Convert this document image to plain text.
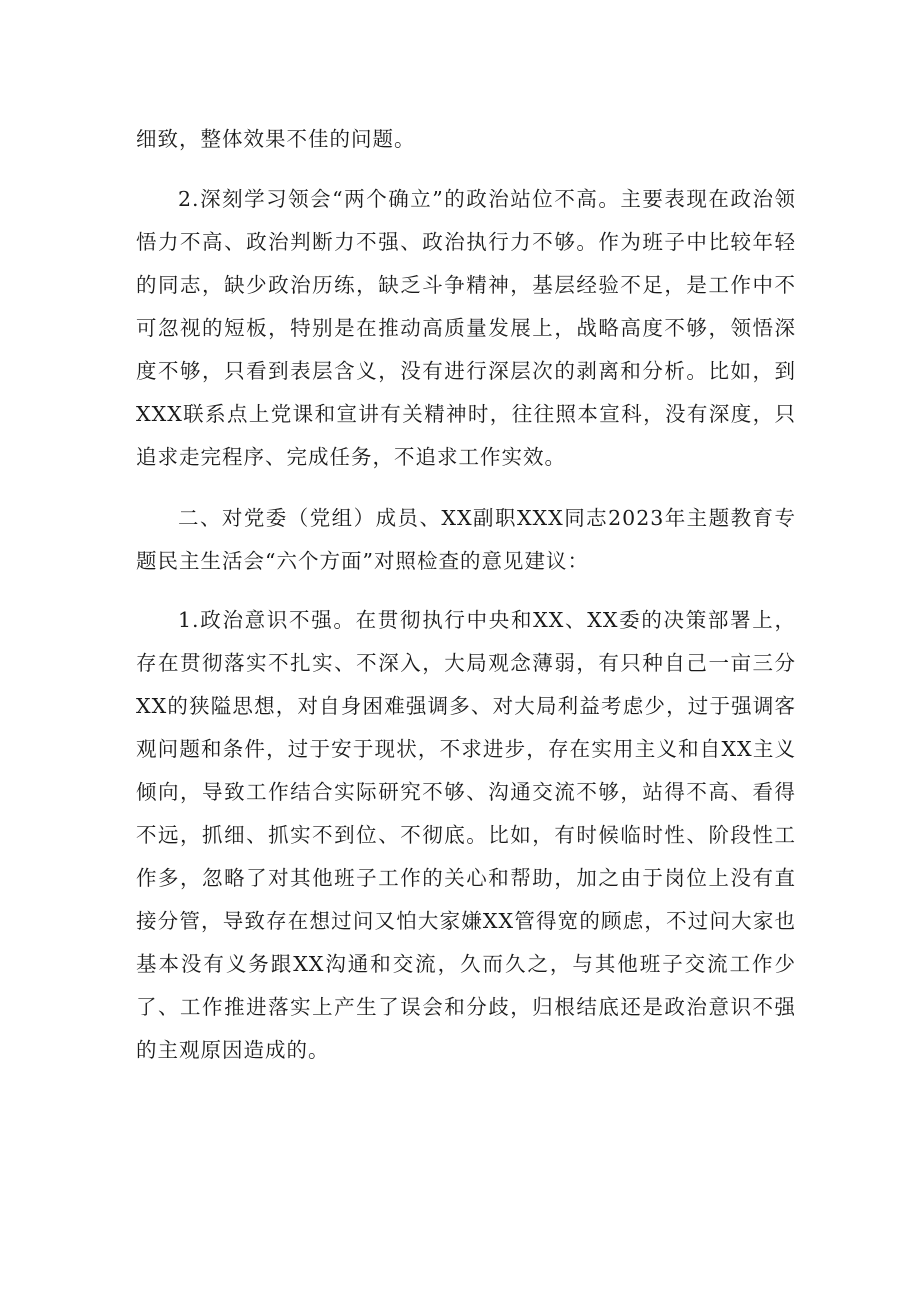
细致，整体效果不佳的问题。

2.深刻学习领会“两个确立”的政治站位不高。主要表现在政治领悟力不高、政治判断力不强、政治执行力不够。作为班子中比较年轻的同志，缺少政治历练，缺乏斗争精神，基层经验不足，是工作中不可忽视的短板，特别是在推动高质量发展上，战略高度不够，领悟深度不够，只看到表层含义，没有进行深层次的剥离和分析。比如，到XXX联系点上党课和宣讲有关精神时，往往照本宣科，没有深度，只追求走完程序、完成任务，不追求工作实效。

二、对党委（党组）成员、XX副职XXX同志2023年主题教育专题民主生活会“六个方面”对照检查的意见建议：

1.政治意识不强。在贯彻执行中央和XX、XX委的决策部署上，存在贯彻落实不扎实、不深入，大局观念薄弱，有只种自己一亩三分XX的狭隘思想，对自身困难强调多、对大局利益考虑少，过于强调客观问题和条件，过于安于现状，不求进步，存在实用主义和自XX主义倾向，导致工作结合实际研究不够、沟通交流不够，站得不高、看得不远，抓细、抓实不到位、不彻底。比如，有时候临时性、阶段性工作多，忽略了对其他班子工作的关心和帮助，加之由于岗位上没有直接分管，导致存在想过问又怕大家嫌XX管得宽的顾虑，不过问大家也基本没有义务跟XX沟通和交流，久而久之，与其他班子交流工作少了、工作推进落实上产生了误会和分歧，归根结底还是政治意识不强的主观原因造成的。
